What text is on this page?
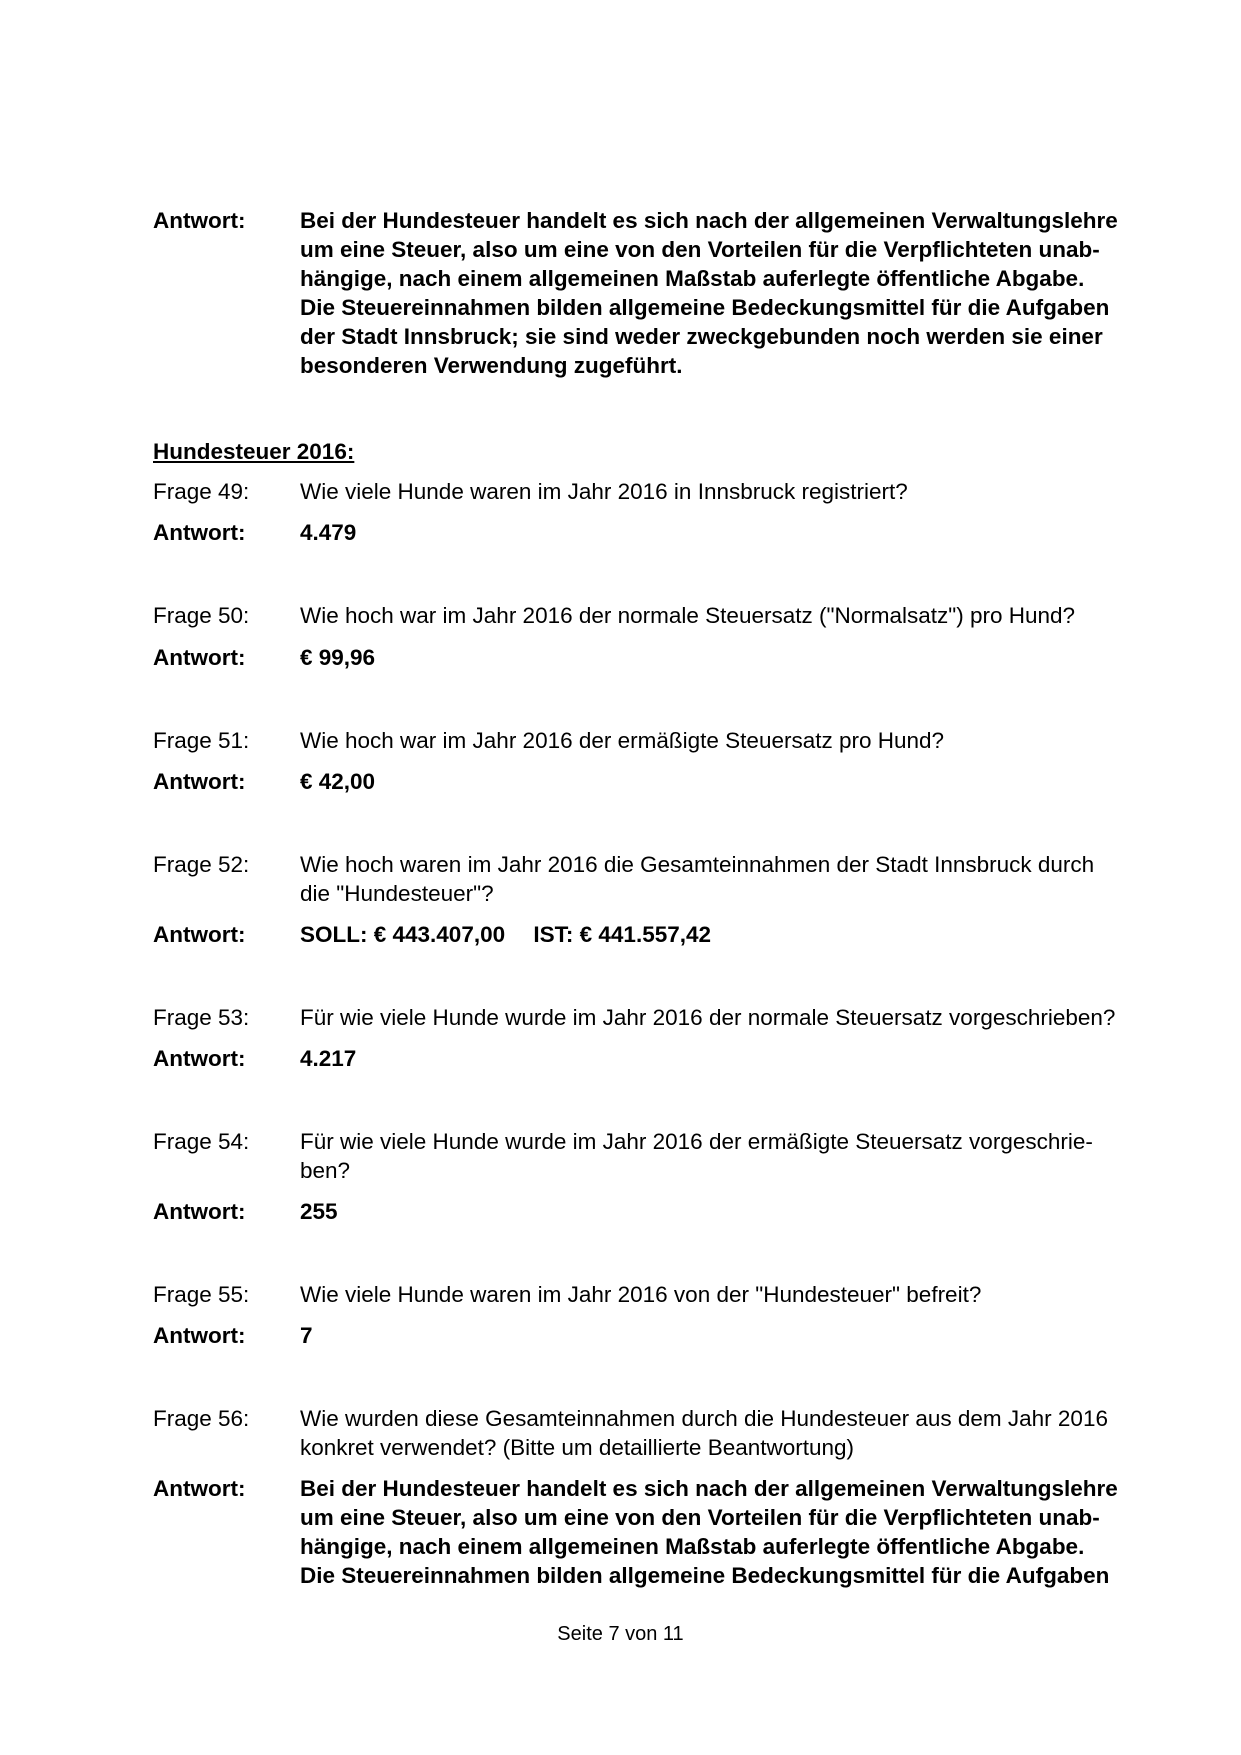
Antwort:	Bei der Hundesteuer handelt es sich nach der allgemeinen Verwaltungslehre
um eine Steuer, also um eine von den Vorteilen für die Verpflichteten unab-
hängige, nach einem allgemeinen Maßstab auferlegte öffentliche Abgabe.
Die Steuereinnahmen bilden allgemeine Bedeckungsmittel für die Aufgaben
der Stadt Innsbruck; sie sind weder zweckgebunden noch werden sie einer
besonderen Verwendung zugeführt.
Hundesteuer 2016:
Frage 49:	Wie viele Hunde waren im Jahr 2016 in Innsbruck registriert?
Antwort:	4.479
Frage 50:	Wie hoch war im Jahr 2016 der normale Steuersatz ("Normalsatz") pro Hund?
Antwort:	€ 99,96
Frage 51:	Wie hoch war im Jahr 2016 der ermäßigte Steuersatz pro Hund?
Antwort:	€ 42,00
Frage 52:	Wie hoch waren im Jahr 2016 die Gesamteinnahmen der Stadt Innsbruck durch
die "Hundesteuer"?
Antwort:	SOLL: € 443.407,00 IST: € 441.557,42
Frage 53:	Für wie viele Hunde wurde im Jahr 2016 der normale Steuersatz vorgeschrieben?
Antwort:	4.217
Frage 54:	Für wie viele Hunde wurde im Jahr 2016 der ermäßigte Steuersatz vorgeschrie-
ben?
Antwort:	255
Frage 55:	Wie viele Hunde waren im Jahr 2016 von der "Hundesteuer" befreit?
Antwort:	7
Frage 56:	Wie wurden diese Gesamteinnahmen durch die Hundesteuer aus dem Jahr 2016
konkret verwendet? (Bitte um detaillierte Beantwortung)
Antwort:	Bei der Hundesteuer handelt es sich nach der allgemeinen Verwaltungslehre
um eine Steuer, also um eine von den Vorteilen für die Verpflichteten unab-
hängige, nach einem allgemeinen Maßstab auferlegte öffentliche Abgabe.
Die Steuereinnahmen bilden allgemeine Bedeckungsmittel für die Aufgaben
Seite 7 von 11
